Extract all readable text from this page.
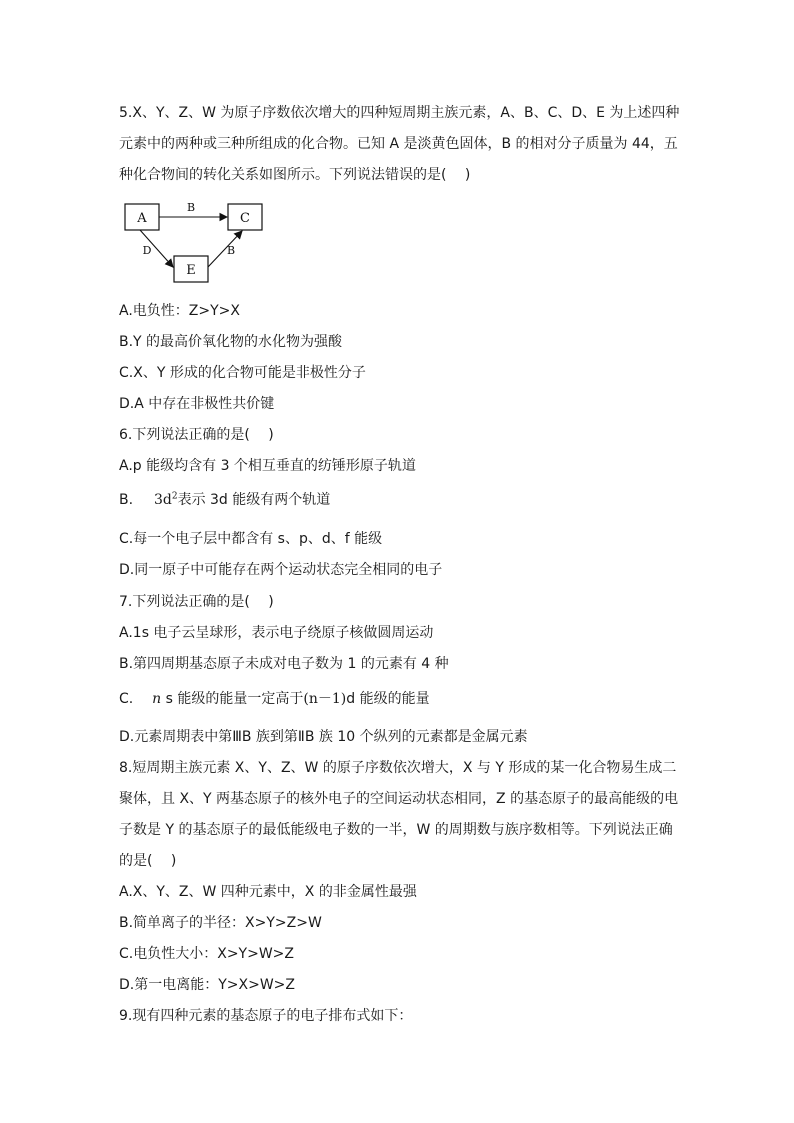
5.X、Y、Z、W 为原子序数依次增大的四种短周期主族元素，A、B、C、D、E 为上述四种
元素中的两种或三种所组成的化合物。已知 A 是淡黄色固体，B 的相对分子质量为 44，五
种化合物间的转化关系如图所示。下列说法错误的是(　 )
A	C
E
B
D	B
A.电负性：Z>Y>X
B.Y 的最高价氧化物的水化物为强酸
C.X、Y 形成的化合物可能是非极性分子
D.A 中存在非极性共价键
6.下列说法正确的是(　 )
A.p 能级均含有 3 个相互垂直的纺锤形原子轨道
B. $3d^2$表示 3d 能级有两个轨道
C.每一个电子层中都含有 s、p、d、f 能级
D.同一原子中可能存在两个运动状态完全相同的电子
7.下列说法正确的是(　 )
A.1s 电子云呈球形，表示电子绕原子核做圆周运动
B.第四周期基态原子未成对电子数为 1 的元素有 4 种
C. n s 能级的能量一定高于(n－1)d 能级的能量
D.元素周期表中第ⅢB 族到第ⅡB 族 10 个纵列的元素都是金属元素
8.短周期主族元素 X、Y、Z、W 的原子序数依次增大，X 与 Y 形成的某一化合物易生成二
聚体，且 X、Y 两基态原子的核外电子的空间运动状态相同，Z 的基态原子的最高能级的电
子数是 Y 的基态原子的最低能级电子数的一半，W 的周期数与族序数相等。下列说法正确
的是(　 )
A.X、Y、Z、W 四种元素中，X 的非金属性最强
B.简单离子的半径：X>Y>Z>W
C.电负性大小：X>Y>W>Z
D.第一电离能：Y>X>W>Z
9.现有四种元素的基态原子的电子排布式如下：
